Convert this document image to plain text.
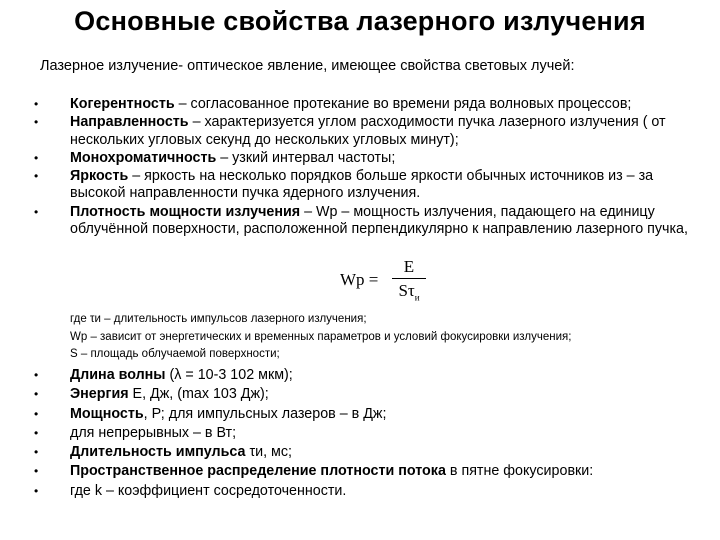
Основные свойства лазерного излучения
Лазерное излучение- оптическое явление, имеющее свойства световых лучей:
• Когерентность – согласованное протекание во времени ряда волновых процессов;
• Направленность – характеризуется углом расходимости пучка лазерного излучения ( от нескольких угловых секунд до нескольких угловых минут);
• Монохроматичность – узкий интервал частоты;
• Яркость – яркость на несколько порядков больше яркости обычных источников из – за высокой направленности пучка ядерного излучения.
• Плотность мощности излучения – Wp – мощность излучения, падающего на единицу облучённой поверхности, расположенной перпендикулярно к направлению лазерного пучка,
Wp =
E
$S\tau_и$
где τи – длительность импульсов лазерного излучения;
Wp – зависит от энергетических и временных параметров и условий фокусировки излучения;
S – площадь облучаемой поверхности;
• Длина волны (λ = 10-3 102 мкм);
• Энергия Е, Дж, (max 103 Дж);
• Мощность, Р; для импульсных лазеров – в Дж;
• для непрерывных – в Вт;
• Длительность импульса τи, мс;
• Пространственное распределение плотности потока в пятне фокусировки:
• где k – коэффициент сосредоточенности.
